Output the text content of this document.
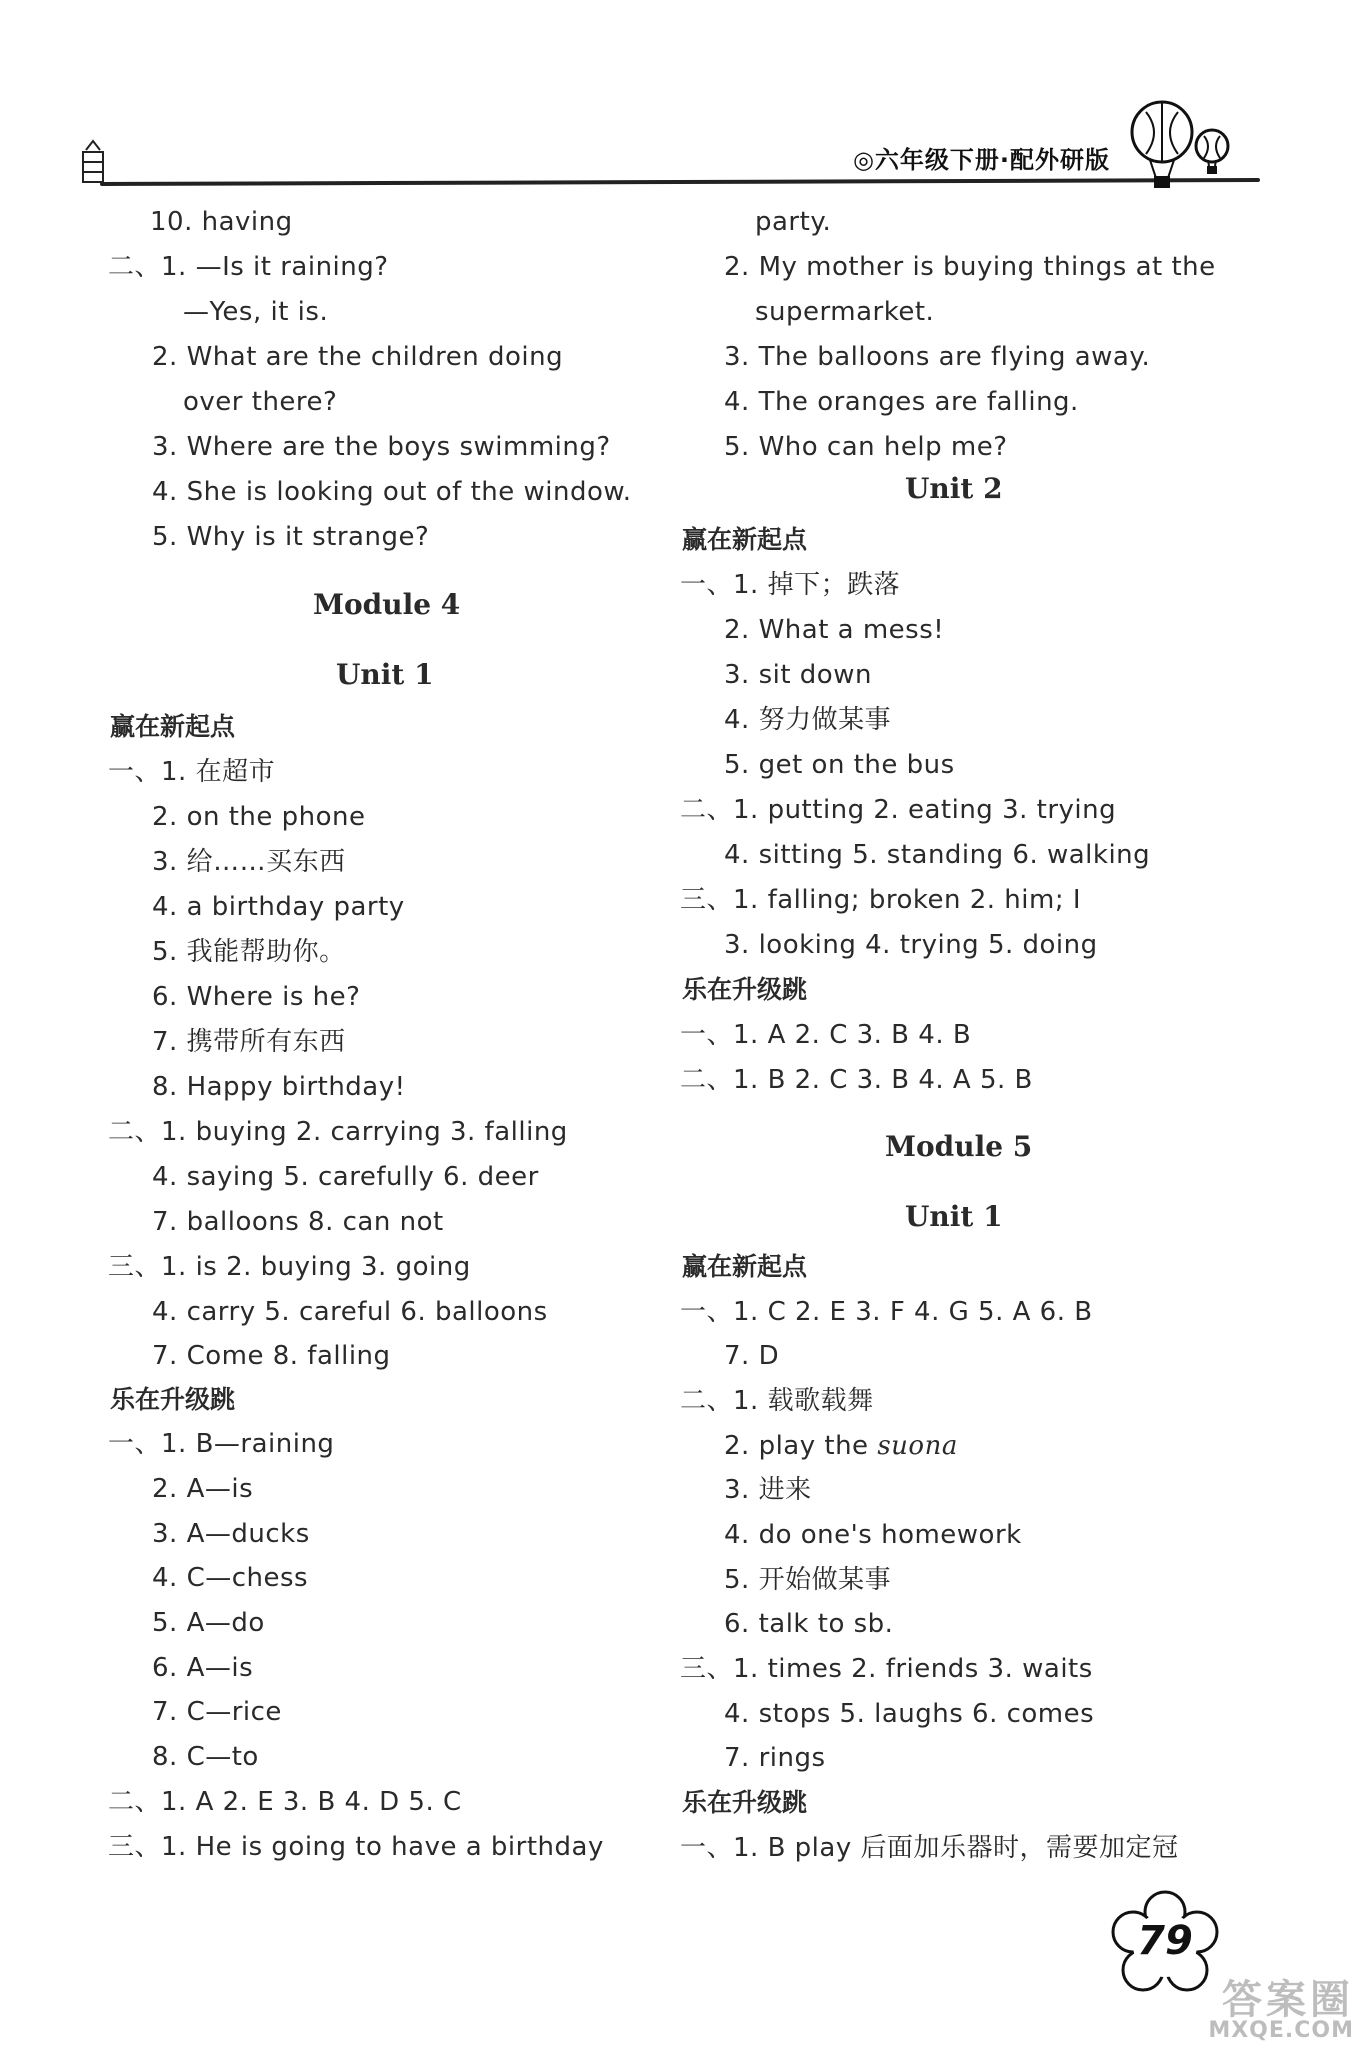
◎六年级下册·配外研版
10. having
二、1. —Is it raining?
—Yes, it is.
2. What are the children doing
over there?
3. Where are the boys swimming?
4. She is looking out of the window.
5. Why is it strange?
Module 4
Unit 1
赢在新起点
一、1. 在超市
2. on the phone
3. 给……买东西
4. a birthday party
5. 我能帮助你。
6. Where is he?
7. 携带所有东西
8. Happy birthday!
二、1. buying 2. carrying 3. falling
4. saying 5. carefully 6. deer
7. balloons 8. can not
三、1. is 2. buying 3. going
4. carry 5. careful 6. balloons
7. Come 8. falling
乐在升级跳
一、1. B—raining
2. A—is
3. A—ducks
4. C—chess
5. A—do
6. A—is
7. C—rice
8. C—to
二、1. A 2. E 3. B 4. D 5. C
三、1. He is going to have a birthday
party.
2. My mother is buying things at the
supermarket.
3. The balloons are flying away.
4. The oranges are falling.
5. Who can help me?
Unit 2
赢在新起点
一、1. 掉下；跌落
2. What a mess!
3. sit down
4. 努力做某事
5. get on the bus
二、1. putting 2. eating 3. trying
4. sitting 5. standing 6. walking
三、1. falling; broken 2. him; I
3. looking 4. trying 5. doing
乐在升级跳
一、1. A 2. C 3. B 4. B
二、1. B 2. C 3. B 4. A 5. B
Module 5
Unit 1
赢在新起点
一、1. C 2. E 3. F 4. G 5. A 6. B
7. D
二、1. 载歌载舞
2. play the suona
3. 进来
4. do one's homework
5. 开始做某事
6. talk to sb.
三、1. times 2. friends 3. waits
4. stops 5. laughs 6. comes
7. rings
乐在升级跳
一、1. B play 后面加乐器时，需要加定冠
79
答案圈
MXQE.COM
